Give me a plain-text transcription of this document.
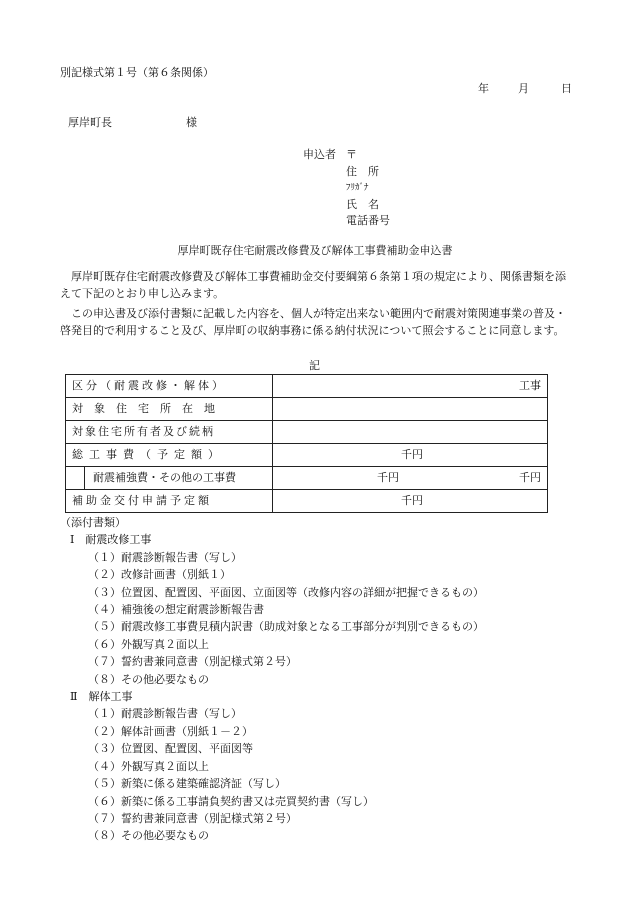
別記様式第１号（第６条関係）
年	月	日
厚岸町長	様
申込者 〒
住　所
ﾌﾘｶﾞﾅ
氏　名
電話番号
厚岸町既存住宅耐震改修費及び解体工事費補助金申込書
　厚岸町既存住宅耐震改修費及び解体工事費補助金交付要綱第６条第１項の規定により、関係書類を添えて下記のとおり申し込みます。
　この申込書及び添付書類に記載した内容を、個人が特定出来ない範囲内で耐震対策関連事業の普及・啓発目的で利用すること及び、厚岸町の収納事務に係る納付状況について照会することに同意します。
記
区分（耐震改修・解体）	工事
対象住宅所在地	
対象住宅所有者及び続柄	
総工事費（予定額）	千円

耐震補強費・その他の工事費	千円 千円

補助金交付申請予定額	千円
（添付書類）
Ⅰ　耐震改修工事
（１）耐震診断報告書（写し）
（２）改修計画書（別紙１）
（３）位置図、配置図、平面図、立面図等（改修内容の詳細が把握できるもの）
（４）補強後の想定耐震診断報告書
（５）耐震改修工事費見積内訳書（助成対象となる工事部分が判別できるもの）
（６）外観写真２面以上
（７）誓約書兼同意書（別記様式第２号）
（８）その他必要なもの
Ⅱ　解体工事
（１）耐震診断報告書（写し）
（２）解体計画書（別紙１－２）
（３）位置図、配置図、平面図等
（４）外観写真２面以上
（５）新築に係る建築確認済証（写し）
（６）新築に係る工事請負契約書又は売買契約書（写し）
（７）誓約書兼同意書（別記様式第２号）
（８）その他必要なもの
